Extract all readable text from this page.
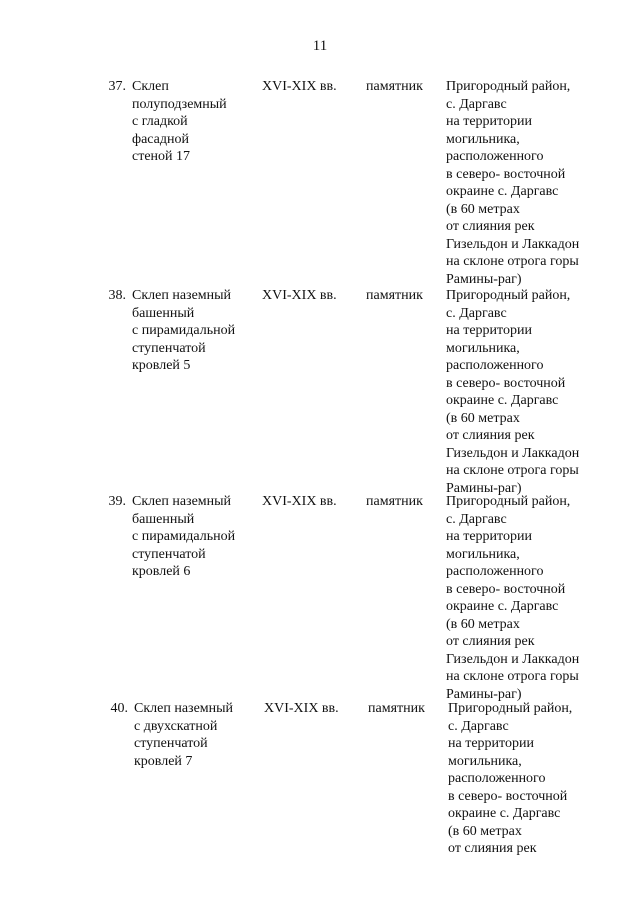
11
37. Склеп
полуподземный
с гладкой
фасадной
стеной 17
XVI-XIX вв.	памятник	Пригородный район,
с. Даргавс
на территории
могильника,
расположенного
в северо- восточной
окраине с. Даргавс
(в 60 метрах
от слияния рек
Гизельдон и Лаккадон
на склоне отрога горы
Рамины-раг)
38. Склеп наземный
башенный
с пирамидальной
ступенчатой
кровлей 5
XVI-XIX вв.	памятник	Пригородный район,
с. Даргавс
на территории
могильника,
расположенного
в северо- восточной
окраине с. Даргавс
(в 60 метрах
от слияния рек
Гизельдон и Лаккадон
на склоне отрога горы
Рамины-раг)
39. Склеп наземный
башенный
с пирамидальной
ступенчатой
кровлей 6
XVI-XIX вв.	памятник	Пригородный район,
с. Даргавс
на территории
могильника,
расположенного
в северо- восточной
окраине с. Даргавс
(в 60 метрах
от слияния рек
Гизельдон и Лаккадон
на склоне отрога горы
Рамины-раг)
40. Склеп наземный
с двухскатной
ступенчатой
кровлей 7
XVI-XIX вв.	памятник	Пригородный район,
с. Даргавс
на территории
могильника,
расположенного
в северо- восточной
окраине с. Даргавс
(в 60 метрах
от слияния рек
